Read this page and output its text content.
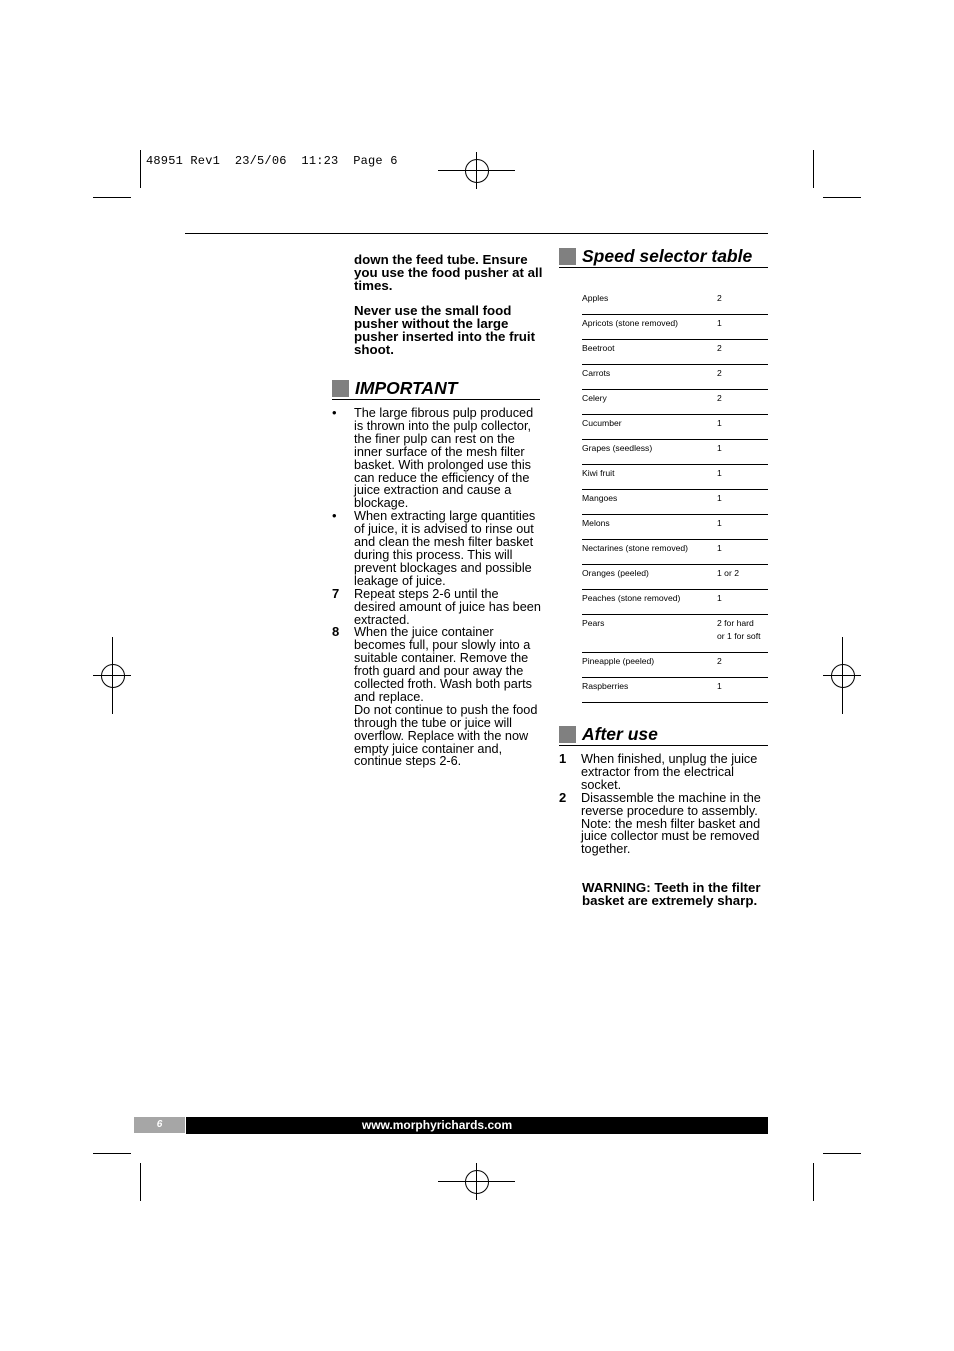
48951 Rev1  23/5/06  11:23  Page 6
down the feed tube. Ensure you use the food pusher at all times.
Never use the small food pusher without the large pusher inserted into the fruit shoot.
IMPORTANT
•	The large fibrous pulp produced is thrown into the pulp collector, the finer pulp can rest on the inner surface of the mesh filter basket. With prolonged use this can reduce the efficiency of the juice extraction and cause a blockage.
•	When extracting large quantities of juice, it is advised to rinse out and clean the mesh filter basket during this process. This will prevent blockages and possible leakage of juice.
7	Repeat steps 2-6 until the desired amount of juice has been extracted.
8	When the juice container becomes full, pour slowly into a suitable container. Remove the froth guard and pour away the collected froth. Wash both parts and replace.
Do not continue to push the food through the tube or juice will overflow. Replace with the now empty juice container and, continue steps 2-6.
Speed selector table
Apples	2
Apricots (stone removed)	1
Beetroot	2
Carrots	2
Celery	2
Cucumber	1
Grapes (seedless)	1
Kiwi fruit	1
Mangoes	1
Melons	1
Nectarines (stone removed)	1
Oranges (peeled)	1 or 2
Peaches (stone removed)	1
Pears	2 for hard
or 1 for soft
Pineapple (peeled)	2
Raspberries	1
After use
1	When finished, unplug the juice extractor from the electrical socket.
2	Disassemble the machine in the reverse procedure to assembly.
Note: the mesh filter basket and juice collector must be removed together.
WARNING: Teeth in the filter basket are extremely sharp.
6	www.morphyrichards.com
